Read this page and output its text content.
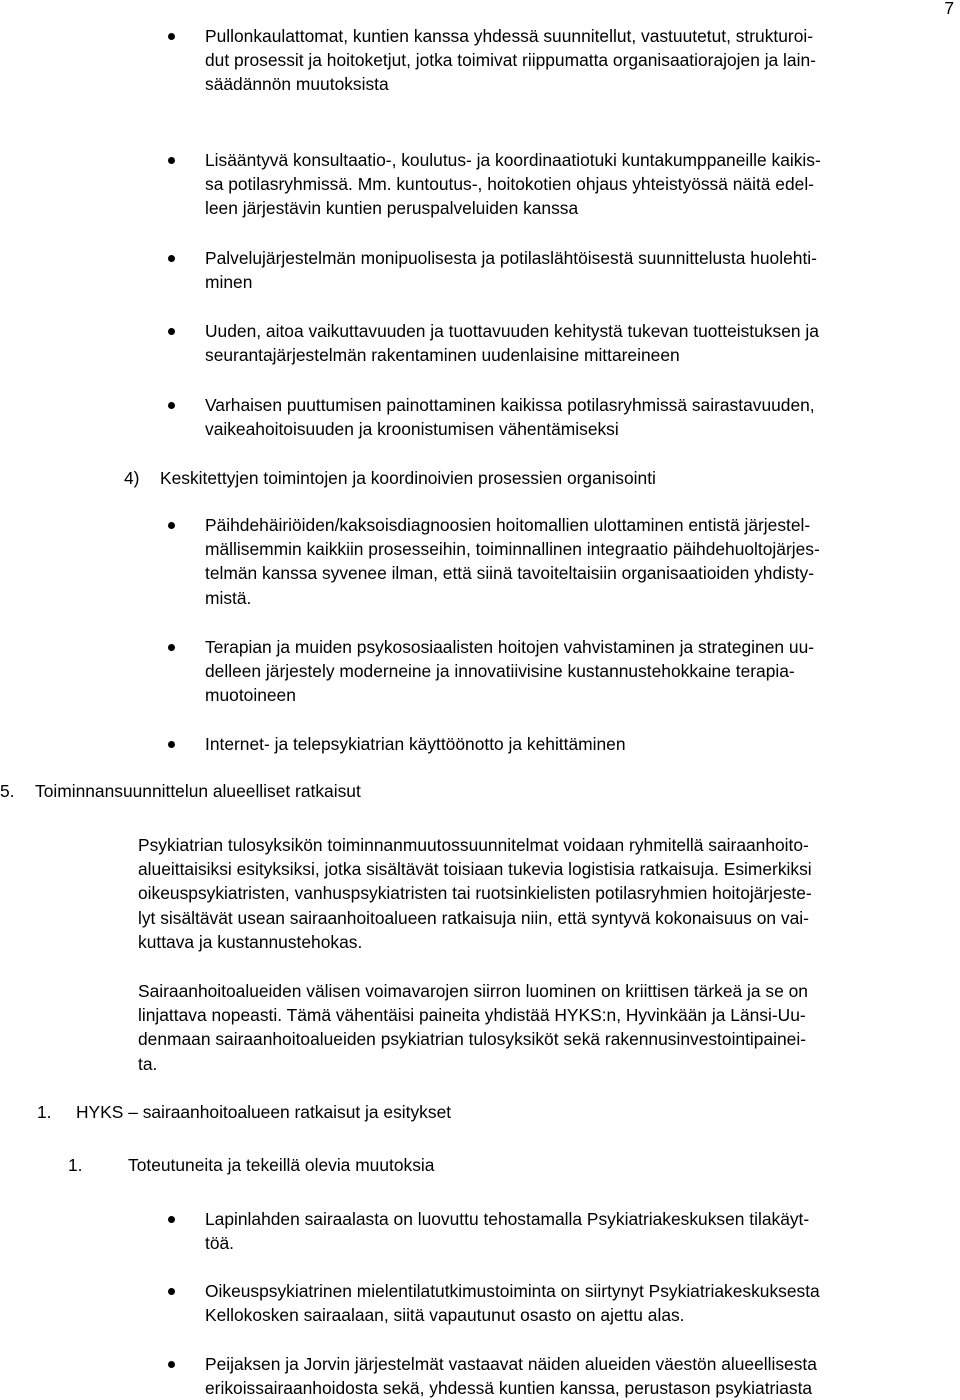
7
Pullonkaulattomat, kuntien kanssa yhdessä suunnitellut, vastuutetut, strukturoi-
dut prosessit ja hoitoketjut, jotka toimivat riippumatta organisaatiorajojen ja lain-
säädännön muutoksista
Lisääntyvä konsultaatio-, koulutus- ja koordinaatiotuki kuntakumppaneille kaikis-
sa potilasryhmissä. Mm. kuntoutus-, hoitokotien ohjaus yhteistyössä näitä edel-
leen järjestävin kuntien peruspalveluiden kanssa
Palvelujärjestelmän monipuolisesta ja potilaslähtöisestä suunnittelusta huolehti-
minen
Uuden, aitoa vaikuttavuuden ja tuottavuuden kehitystä tukevan tuotteistuksen ja
seurantajärjestelmän rakentaminen uudenlaisine mittareineen
Varhaisen puuttumisen painottaminen kaikissa potilasryhmissä sairastavuuden,
vaikeahoitoisuuden ja kroonistumisen vähentämiseksi
4) Keskitettyjen toimintojen ja koordinoivien prosessien organisointi
Päihdehäiriöiden/kaksoisdiagnoosien hoitomallien ulottaminen entistä järjestel-
mällisemmin kaikkiin prosesseihin, toiminnallinen integraatio päihdehuoltojärjes-
telmän kanssa syvenee ilman, että siinä tavoiteltaisiin organisaatioiden yhdisty-
mistä.
Terapian ja muiden psykososiaalisten hoitojen vahvistaminen ja strateginen uu-
delleen järjestely moderneine ja innovatiivisine kustannustehokkaine terapia-
muotoineen
Internet- ja telepsykiatrian käyttöönotto ja kehittäminen
5. Toiminnansuunnittelun alueelliset ratkaisut
Psykiatrian tulosyksikön toiminnanmuutossuunnitelmat voidaan ryhmitellä sairaanhoito-
alueittaisiksi esityksiksi, jotka sisältävät toisiaan tukevia logistisia ratkaisuja. Esimerkiksi
oikeuspsykiatristen, vanhuspsykiatristen tai ruotsinkielisten potilasryhmien hoitojärjeste-
lyt sisältävät usean sairaanhoitoalueen ratkaisuja niin, että syntyvä kokonaisuus on vai-
kuttava ja kustannustehokas.
Sairaanhoitoalueiden välisen voimavarojen siirron luominen on kriittisen tärkeä ja se on
linjattava nopeasti. Tämä vähentäisi paineita yhdistää HYKS:n, Hyvinkään ja Länsi-Uu-
denmaan sairaanhoitoalueiden psykiatrian tulosyksiköt sekä rakennusinvestointipainei-
ta.
1. HYKS – sairaanhoitoalueen ratkaisut ja esitykset
1.	Toteutuneita ja tekeillä olevia muutoksia
Lapinlahden sairaalasta on luovuttu tehostamalla Psykiatriakeskuksen tilakäyt-
töä.
Oikeuspsykiatrinen mielentilatutkimustoiminta on siirtynyt Psykiatriakeskuksesta
Kellokosken sairaalaan, siitä vapautunut osasto on ajettu alas.
Peijaksen ja Jorvin järjestelmät vastaavat näiden alueiden väestön alueellisesta
erikoissairaanhoidosta sekä, yhdessä kuntien kanssa, perustason psykiatriasta
